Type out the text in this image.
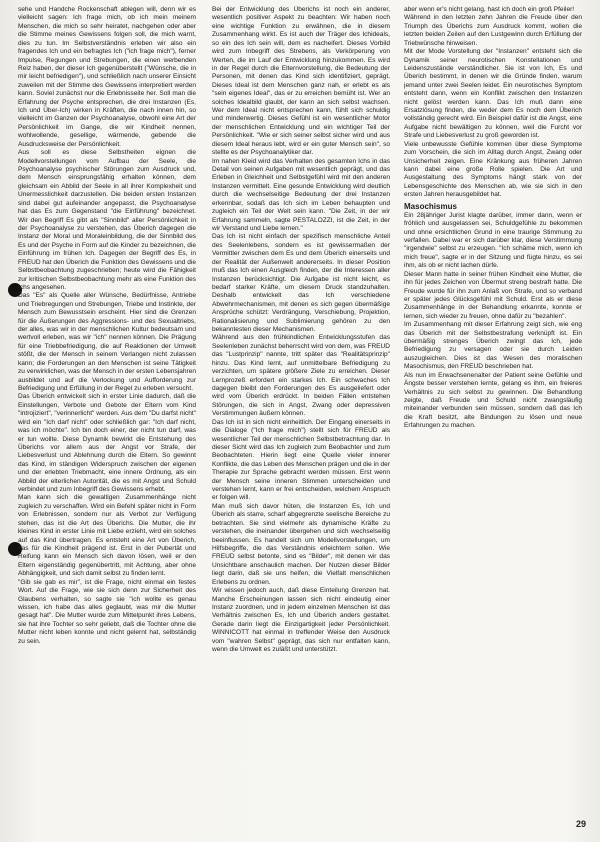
sehe und Handche Rockenschaft ablegen will, denn wir es vielleicht sagen: Ich frage mich, ob ich mein meinem Menschen, die mich so sehr heiratet, nachgehen oder aber die Stimme meines Gewissens folgen soll, die mich warnt, dies zu tun. Im Selbstverständnis erleben wir also ein fragendes Ich und ein befragtes Ich ("ich frage mich"), ferner Impulse, Regungen und Strebungen, die einen werbenden Reiz haben, der dieser Ich gegenüberstellt ("Wünsche, die in mir leicht befriedigen"), und schließlich nach unserer Einsicht zuweilen mit der Stimme des Gewissens interpretiert werden kann. Soviel zunächst nur die Erlebnisseite her. Soll man die Erfahrung der Psyche entsprechen, die drei Instanzen (Es, Ich und Über-Ich) wirken in Kräften, die nach innen hin, so vielleicht im Ganzen der Psychoanalyse, obwohl eine Art der Persönlichkeit im Gange, die wir Kindheit nennen, wohlwollende, gesellige, wärmende, gebende die Ausdrucksweise der Persönlichkeit.

Aus soll es diese Selbstheiten eignen die Modellvorstellungen vom Aufbau der Seele, die Psychoanalyse psychischer Störungen zum Ausdruck und, dem Mensch einsprungsfähig erhalten können, dem gleichsam ein Abbild der Seele in all ihrer Komplexheit und Unermesslichkeit darzustellen. Die beiden ersten Instanzen sind dabei gut aufeinander angepasst, die Psychoanalyse hat das Es zum Gegenstand "die Einführung" bezeichnet. Wir den Begriff Es gibt als "Sinnbild" aller Persönlichkeit in der Psychoanalyse zu verstehen, das Überich dagegen die Instanz der Moral und Moraleinbildung, die der Sinnbild des Es und der Psyche in Form auf die Kinder zu bezeichnen, die Einführung im frühen Ich. Dagegen der Begriff des Es, in FREUD hat den Überich die Funktion des Gewissens und die Selbstbeobachtung zugeschrieben; heute wird die Fähigkeit zur kritischen Selbstbeobachtung mehr als eine Funktion des Ichs angesehen.

Das "Es" als Quelle aller Wünsche, Bedürfnisse, Antriebe und Triebregungen und Strebungen, Triebe und Instinkte, der Mensch zum Bewusstsein erscheint. Hier sind die Grenzen für die Äußerungen des Aggressions- und des Sexualtriebs, der alles, was wir in der menschlichen Kultur bedeutsam und wertvoll erleben, was wir "ich" nennen können. Die Prägung für eine Triebbefriedigung, die auf Reaktionen der Umwelt stößt, die der Mensch in seinem Verlangen nicht zulassen kann; die Forderungen an den Menschen ist seine Tätigkeit zu verwirklichen, was der Mensch in der ersten Lebensjahren ausbildet und auf die Verlockung und Aufforderung zur Befriedigung und Erfüllung in der Regel zu erleben versucht.

Das Überich entwickelt sich in erster Linie dadurch, daß die Einstellungen, Verbote und Gebote der Eltern vom Kind "introjiziert", "verinnerlicht" werden. Aus dem "Du darfst nicht" wird ein "Ich darf nicht" oder schließlich gar: "Ich darf nicht, was ich möchte". Ich bin doch einer, der nicht tun darf, was er tun wollte. Diese Dynamik bewirkt die Entstehung des Überichs vor allem aus der Angst vor Strafe, der Liebesverlust und Ablehnung durch die Eltern. So gewinnt das Kind, im ständigen Widerspruch zwischen der eigenen und der erlebten Triebmacht, eine innere Ordnung, als ein Abbild der elterlichen Autorität, die es mit Angst und Schuld verbindet und zum Inbegriff des Gewissens erhebt.

Man kann sich die gewaltigen Zusammenhänge nicht zugleich zu verschaffen. Wird ein Befehl später nicht in Form von Erlebnissen, sondern nur als Verbot zur Verfügung stehen, das ist die Art des Überichs. Die Mutter, die ihr kleines Kind in erster Linie mit Liebe erzieht, wird ein solches auf das Kind übertragen. Es entsteht eine Art von Überich, das für die Kindheit prägend ist. Erst in der Pubertät und Reifung kann ein Mensch sich davon lösen, weil er den Eltern eigenständig gegenübertritt, mit Achtung, aber ohne Abhängigkeit, und sich damit selbst zu finden lernt.

"Gib sie gab es mir", ist die Frage, nicht einmal ein festes Wort. Auf die Frage, wie sie sich denn zur Sicherheit des Glaubens verhalten, so sagte sie "ich wollte es genau wissen, ich habe das alles geglaubt, was mir die Mutter gesagt hat". Die Mutter wurde zum Mittelpunkt ihres Lebens, sie hat ihre Tochter so sehr geliebt, daß die Tochter ohne die Mutter nicht leben konnte und nicht gelernt hat, selbständig zu sein.

Bei der Entwicklung des Überichs ist noch ein anderer, wesentlich positiver Aspekt zu beachten: Wir haben noch eine wichtige Funktion zu erwähnen, die in diesem Zusammenhang wirkt. Es ist auch der Träger des Ichideals, so ein des Ich sein will, dem es nacheifert. Dieses Vorbild wird zum Inbegriff des Strebens, als Verkörperung von Werten, die im Lauf der Entwicklung hinzukommen. Es wird in der Regel durch die Elternvorstellung, die Bedeutung der Personen, mit denen das Kind sich identifiziert, geprägt. Dieses Ideal ist dem Menschen ganz nah, er erlebt es als "sein eigenes Ideal", das er zu erreichen bemüht ist. Wer an solches Idealbild glaubt, der kann an sich selbst wachsen. Wer dem Ideal nicht entsprechen kann, fühlt sich schuldig und minderwertig. Dieses Gefühl ist ein wesentlicher Motor der menschlichen Entwicklung und ein wichtiger Teil der Persönlichkeit. "Wie er sich seiner selbst sicher wird und aus diesem Ideal heraus lebt, wird er ein guter Mensch sein", so stellte es der Psychoanalytiker dar.

Im nahen Kleid wird das Verhalten des gesamten Ichs in das Detail von seinen Aufgaben mit wesentlich geprägt, und das Erleben in Gleichheit und Selbstgefühl wird mit den anderen Instanzen vermittelt. Eine gesunde Entwicklung wird deutlich durch die wechselseitige Bedeutung der drei Instanzen erkennbar, sodaß das Ich sich im Leben behaupten und zugleich ein Teil der Welt sein kann. "Die Zeit, in der wir Erfahrung sammeln, sagte PESTALOZZI, ist die Zeit, in der wir Verstand und Liebe lernen."

Das Ich ist nicht einfach der spezifisch menschliche Anteil des Seelenlebens, sondern es ist gewissermaßen der Vermittler zwischen dem Es und dem Überich einerseits und der Realität der Außenwelt andererseits. In dieser Position muß das Ich einen Ausgleich finden, der die Interessen aller Instanzen berücksichtigt. Die Aufgabe ist nicht leicht, es bedarf starker Kräfte, um diesem Druck standzuhalten. Deshalb entwickelt das Ich verschiedene Abwehrmechanismen, mit denen es sich gegen übermäßige Ansprüche schützt: Verdrängung, Verschiebung, Projektion, Rationalisierung und Sublimierung gehören zu den bekanntesten dieser Mechanismen.

Während aus den frühkindlichen Entwicklungsstufen das Seelenleben zunächst beherrscht wird von dem, was FREUD das "Lustprinzip" nannte, tritt später das "Realitätsprinzip" hinzu. Das Kind lernt, auf unmittelbare Befriedigung zu verzichten, um spätere größere Ziele zu erreichen. Dieser Lernprozeß erfordert ein starkes Ich. Ein schwaches Ich dagegen bleibt den Forderungen des Es ausgeliefert oder wird vom Überich erdrückt. In beiden Fällen entstehen Störungen, die sich in Angst, Zwang oder depressiven Verstimmungen äußern können.

Das Ich ist in sich nicht einheitlich. Der Eingang einerseits in die Dialoge ("Ich frage mich") stellt sich für FREUD als wesentlicher Teil der menschlichen Selbstbetrachtung dar. In dieser Sicht wird das Ich zugleich zum Beobachter und zum Beobachteten. Hierin liegt eine Quelle vieler innerer Konflikte, die das Leben des Menschen prägen und die in der Therapie zur Sprache gebracht werden müssen. Erst wenn der Mensch seine inneren Stimmen unterscheiden und verstehen lernt, kann er frei entscheiden, welchem Anspruch er folgen will.

Man muß sich davor hüten, die Instanzen Es, Ich und Überich als starre, scharf abgegrenzte seelische Bereiche zu betrachten. Sie sind vielmehr als dynamische Kräfte zu verstehen, die ineinander übergehen und sich wechselseitig beeinflussen. Es handelt sich um Modellvorstellungen, um Hilfsbegriffe, die das Verständnis erleichtern sollen. Wie FREUD selbst betonte, sind es "Bilder", mit denen wir das Unsichtbare anschaulich machen. Der Nutzen dieser Bilder liegt darin, daß sie uns helfen, die Vielfalt menschlichen Erlebens zu ordnen.

Wir wissen jedoch auch, daß diese Einteilung Grenzen hat. Manche Erscheinungen lassen sich nicht eindeutig einer Instanz zuordnen, und in jedem einzelnen Menschen ist das Verhältnis zwischen Es, Ich und Überich anders gestaltet. Gerade darin liegt die Einzigartigkeit jeder Persönlichkeit. WINNICOTT hat einmal in treffender Weise den Ausdruck vom "wahren Selbst" geprägt, das sich nur entfalten kann, wenn die Umwelt es zuläßt und unterstützt.

aber wenn er's nicht gelang, hast ich doch ein groß Pfeiler!

Während in den letzten zehn Jahren die Freude über den Triumph des Überichs zum Ausdruck kommt, wollen die letzten beiden Zeilen auf den Lustgewinn durch Erfüllung der Triebwünsche hinweisen.

Mit der Mode Vorstellung der "Instanzen" entsteht sich die Dynamik seiner neurotischen Konstellationen und Leidenszustände verständlicher. Sie ist von Ich, Es und Überich bestimmt, in denen wir die Gründe finden, warum jemand unter zwei Seelen leidet. Ein neurotisches Symptom entsteht dann, wenn ein Konflikt zwischen den Instanzen nicht gelöst werden kann. Das Ich muß dann eine Ersatzlösung finden, die weder dem Es noch dem Überich vollständig gerecht wird. Ein Beispiel dafür ist die Angst, eine Aufgabe nicht bewältigen zu können, weil die Furcht vor Strafe und Liebesverlust zu groß geworden ist.

Viele unbewusste Gefühle kommen über diese Symptome zum Vorschein, die sich im Alltag durch Angst, Zwang oder Unsicherheit zeigen. Eine Kränkung aus früheren Jahren kann dabei eine große Rolle spielen. Die Art und Ausgestaltung des Symptoms hängt stark von der Lebensgeschichte des Menschen ab, wie sie sich in den ersten Jahren herausgebildet hat.

Masochismus

Ein 28jähriger Jurist klagte darüber, immer dann, wenn er fröhlich und ausgelassen sei, Schuldgefühle zu bekommen und ohne ersichtlichen Grund in eine traurige Stimmung zu verfallen. Dabei war er sich darüber klar, diese Verstimmung "irgendwie" selbst zu erzeugen. "Ich schäme mich, wenn ich mich freue", sagte er in der Sitzung und fügte hinzu, es sei ihm, als ob er nicht lachen dürfe.

Dieser Mann hatte in seiner frühen Kindheit eine Mutter, die ihn für jedes Zeichen von Übermut streng bestraft hatte. Die Freude wurde für ihn zum Anlaß von Strafe, und so verband er später jedes Glücksgefühl mit Schuld. Erst als er diese Zusammenhänge in der Behandlung erkannte, konnte er lernen, sich wieder zu freuen, ohne dafür zu "bezahlen".

Im Zusammenhang mit dieser Erfahrung zeigt sich, wie eng das Überich mit der Selbstbestrafung verknüpft ist. Ein übermäßig strenges Überich zwingt das Ich, jede Befriedigung zu versagen oder sie durch Leiden auszugleichen. Dies ist das Wesen des moralischen Masochismus, den FREUD beschrieben hat.

Als nun im Erwachsenenalter der Patient seine Gefühle und Ängste besser verstehen lernte, gelang es ihm, ein freieres Verhältnis zu sich selbst zu gewinnen. Die Behandlung zeigte, daß Freude und Schuld nicht zwangsläufig miteinander verbunden sein müssen, sondern daß das Ich die Kraft besitzt, alte Bindungen zu lösen und neue Erfahrungen zu machen.

29
